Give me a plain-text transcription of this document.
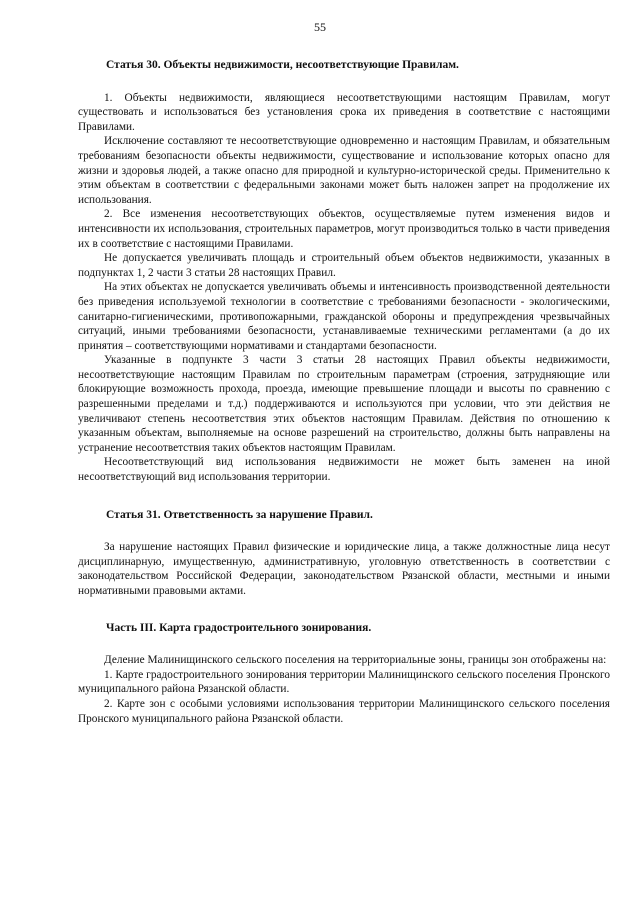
55
Статья 30. Объекты недвижимости, несоответствующие Правилам.

1. Объекты недвижимости, являющиеся несоответствующими настоящим Правилам, могут существовать и использоваться без установления срока их приведения в соответствие с настоящими Правилами.

Исключение составляют те несоответствующие одновременно и настоящим Правилам, и обязательным требованиям безопасности объекты недвижимости, существование и использование которых опасно для жизни и здоровья людей, а также опасно для природной и культурно-исторической среды. Применительно к этим объектам в соответствии с федеральными законами может быть наложен запрет на продолжение их использования.

2. Все изменения несоответствующих объектов, осуществляемые путем изменения видов и интенсивности их использования, строительных параметров, могут производиться только в части приведения их в соответствие с настоящими Правилами.

Не допускается увеличивать площадь и строительный объем объектов недвижимости, указанных в подпунктах 1, 2 части 3 статьи 28 настоящих Правил.

На этих объектах не допускается увеличивать объемы и интенсивность производственной деятельности без приведения используемой технологии в соответствие с требованиями безопасности - экологическими, санитарно-гигиеническими, противопожарными, гражданской обороны и предупреждения чрезвычайных ситуаций, иными требованиями безопасности, устанавливаемые техническими регламентами (а до их принятия – соответствующими нормативами и стандартами безопасности.

Указанные в подпункте 3 части 3 статьи 28 настоящих Правил объекты недвижимости, несоответствующие настоящим Правилам по строительным параметрам (строения, затрудняющие или блокирующие возможность прохода, проезда, имеющие превышение площади и высоты по сравнению с разрешенными пределами и т.д.) поддерживаются и используются при условии, что эти действия не увеличивают степень несоответствия этих объектов настоящим Правилам. Действия по отношению к указанным объектам, выполняемые на основе разрешений на строительство, должны быть направлены на устранение несоответствия таких объектов настоящим Правилам.

Несоответствующий вид использования недвижимости не может быть заменен на иной несоответствующий вид использования территории.

Статья 31. Ответственность за нарушение Правил.

За нарушение настоящих Правил физические и юридические лица, а также должностные лица несут дисциплинарную, имущественную, административную, уголовную ответственность в соответствии с законодательством Российской Федерации, законодательством Рязанской области, местными и иными нормативными правовыми актами.

Часть III. Карта градостроительного зонирования.

Деление Малинищинского сельского поселения на территориальные зоны, границы зон отображены на:

1. Карте градостроительного зонирования территории Малинищинского сельского поселения Пронского муниципального района Рязанской области.

2. Карте зон с особыми условиями использования территории Малинищинского сельского поселения Пронского муниципального района Рязанской области.
